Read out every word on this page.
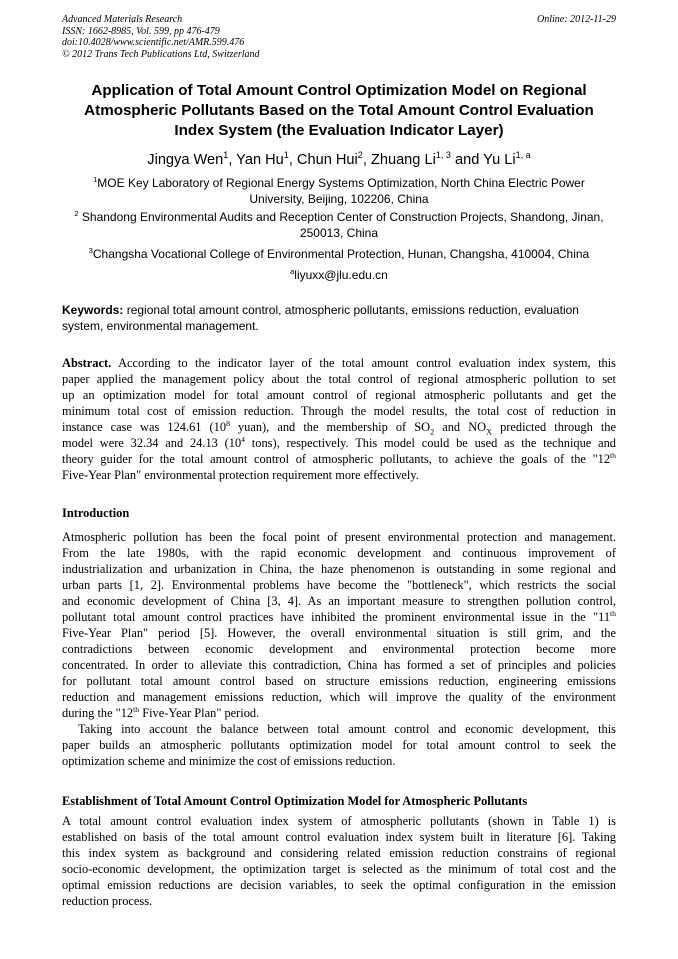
Advanced Materials Research
ISSN: 1662-8985, Vol. 599, pp 476-479
doi:10.4028/www.scientific.net/AMR.599.476
© 2012 Trans Tech Publications Ltd, Switzerland
Online: 2012-11-29
Application of Total Amount Control Optimization Model on Regional
Atmospheric Pollutants Based on the Total Amount Control Evaluation
Index System (the Evaluation Indicator Layer)
Jingya Wen$^1$, Yan Hu$^1$, Chun Hui$^2$, Zhuang Li$^{1, 3}$ and Yu Li$^{1, a}$
$^1$MOE Key Laboratory of Regional Energy Systems Optimization, North China Electric Power
University, Beijing, 102206, China
$^2$ Shandong Environmental Audits and Reception Center of Construction Projects, Shandong, Jinan,
250013, China
$^3$Changsha Vocational College of Environmental Protection, Hunan, Changsha, 410004, China
$^a$liyuxx@jlu.edu.cn
Keywords: regional total amount control, atmospheric pollutants, emissions reduction, evaluation
system, environmental management.
Abstract. According to the indicator layer of the total amount control evaluation index system, this
paper applied the management policy about the total control of regional atmospheric pollution to set
up an optimization model for total amount control of regional atmospheric pollutants and get the
minimum total cost of emission reduction. Through the model results, the total cost of reduction in
instance case was 124.61 ($10^8$ yuan), and the membership of $SO_2$ and $NO_X$ predicted through the
model were 32.34 and 24.13 ($10^4$ tons), respectively. This model could be used as the technique and
theory guider for the total amount control of atmospheric pollutants, to achieve the goals of the "12th
Five-Year Plan" environmental protection requirement more effectively.
Introduction
Atmospheric pollution has been the focal point of present environmental protection and management.
From the late 1980s, with the rapid economic development and continuous improvement of
industrialization and urbanization in China, the haze phenomenon is outstanding in some regional and
urban parts [1, 2]. Environmental problems have become the "bottleneck", which restricts the social
and economic development of China [3, 4]. As an important measure to strengthen pollution control,
pollutant total amount control practices have inhibited the prominent environmental issue in the "11th
Five-Year Plan" period [5]. However, the overall environmental situation is still grim, and the
contradictions between economic development and environmental protection become more
concentrated. In order to alleviate this contradiction, China has formed a set of principles and policies
for pollutant total amount control based on structure emissions reduction, engineering emissions
reduction and management emissions reduction, which will improve the quality of the environment
during the "12th Five-Year Plan" period.
Taking into account the balance between total amount control and economic development, this
paper builds an atmospheric pollutants optimization model for total amount control to seek the
optimization scheme and minimize the cost of emissions reduction.
Establishment of Total Amount Control Optimization Model for Atmospheric Pollutants
A total amount control evaluation index system of atmospheric pollutants (shown in Table 1) is
established on basis of the total amount control evaluation index system built in literature [6]. Taking
this index system as background and considering related emission reduction constrains of regional
socio-economic development, the optimization target is selected as the minimum of total cost and the
optimal emission reductions are decision variables, to seek the optimal configuration in the emission
reduction process.
